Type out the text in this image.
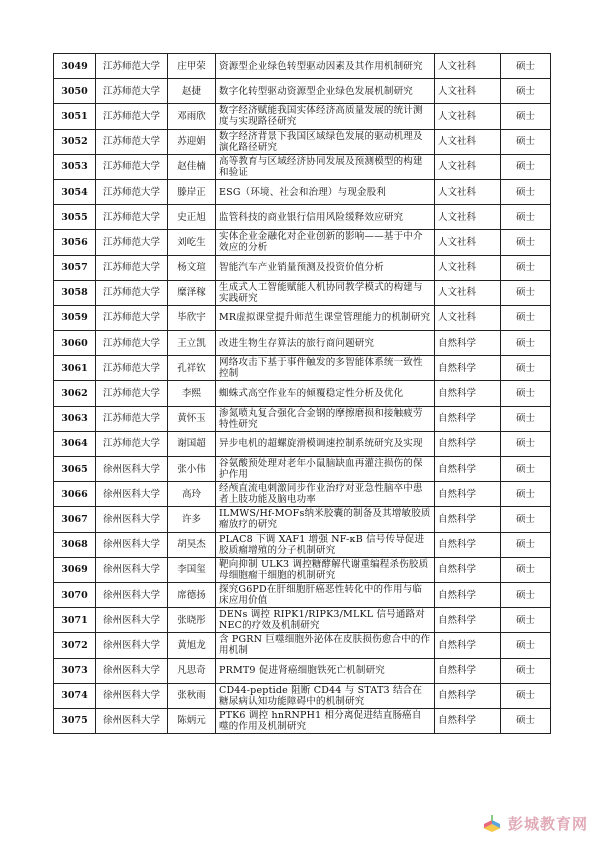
3049	江苏师范大学	庄甲荣	资源型企业绿色转型驱动因素及其作用机制研究	人文社科	硕士
3050	江苏师范大学	赵捷	数字化转型驱动资源型企业绿色发展机制研究	人文社科	硕士
3051	江苏师范大学	邓雨欣	数字经济赋能我国实体经济高质量发展的统计测度与实现路径研究	人文社科	硕士
3052	江苏师范大学	苏迎娟	数字经济背景下我国区域绿色发展的驱动机理及演化路径研究	人文社科	硕士
3053	江苏师范大学	赵佳楠	高等教育与区域经济协同发展及预测模型的构建和验证	人文社科	硕士
3054	江苏师范大学	滕岸正	ESG（环境、社会和治理）与现金股利	人文社科	硕士
3055	江苏师范大学	史正旭	监管科技的商业银行信用风险缓释效应研究	人文社科	硕士
3056	江苏师范大学	刘屹生	实体企业金融化对企业创新的影响——基于中介效应的分析	人文社科	硕士
3057	江苏师范大学	杨文瑄	智能汽车产业销量预测及投资价值分析	人文社科	硕士
3058	江苏师范大学	糜泽稼	生成式人工智能赋能人机协同教学模式的构建与实践研究	人文社科	硕士
3059	江苏师范大学	毕欣宇	MR虚拟课堂提升师范生课堂管理能力的机制研究	人文社科	硕士
3060	江苏师范大学	王立凯	改进生物生存算法的旅行商问题研究	自然科学	硕士
3061	江苏师范大学	孔祥钦	网络攻击下基于事件触发的多智能体系统一致性控制	自然科学	硕士
3062	江苏师范大学	李熙	蜘蛛式高空作业车的倾覆稳定性分析及优化	自然科学	硕士
3063	江苏师范大学	黄怀玉	渗氮喷丸复合强化合金钢的摩擦磨损和接触疲劳特性研究	自然科学	硕士
3064	江苏师范大学	谢国超	异步电机的超螺旋滑模调速控制系统研究及实现	自然科学	硕士
3065	徐州医科大学	张小伟	谷氨酸预处理对老年小鼠脑缺血再灌注损伤的保护作用	自然科学	硕士
3066	徐州医科大学	高玲	经颅直流电刺激同步作业治疗对亚急性脑卒中患者上肢功能及脑电功率	自然科学	硕士
3067	徐州医科大学	许多	ILMWS/Hf-MOFs纳米胶囊的制备及其增敏胶质瘤放疗的研究	自然科学	硕士
3068	徐州医科大学	胡昊杰	PLAC8 下调 XAF1 增强 NF-κB 信号传导促进胶质瘤增殖的分子机制研究	自然科学	硕士
3069	徐州医科大学	李国玺	靶向抑制 ULK3 调控糖酵解代谢重编程杀伤胶质母细胞瘤干细胞的机制研究	自然科学	硕士
3070	徐州医科大学	席德扬	探究G6PD在肝细胞肝癌恶性转化中的作用与临床应用价值	自然科学	硕士
3071	徐州医科大学	张晓彤	DENs 调控 RIPK1/RIPK3/MLKL 信号通路对 NEC的疗效及机制研究	自然科学	硕士
3072	徐州医科大学	黄旭龙	含 PGRN 巨噬细胞外泌体在皮肤损伤愈合中的作用机制	自然科学	硕士
3073	徐州医科大学	凡思奇	PRMT9 促进肾癌细胞铁死亡机制研究	自然科学	硕士
3074	徐州医科大学	张秋雨	CD44-peptide 阻断 CD44 与 STAT3 结合在糖尿病认知功能障碍中的机制研究	自然科学	硕士
3075	徐州医科大学	陈炳元	PTK6 调控 hnRNPH1 相分离促进结直肠癌自噬的作用及机制研究	自然科学	硕士
彭城教育网
